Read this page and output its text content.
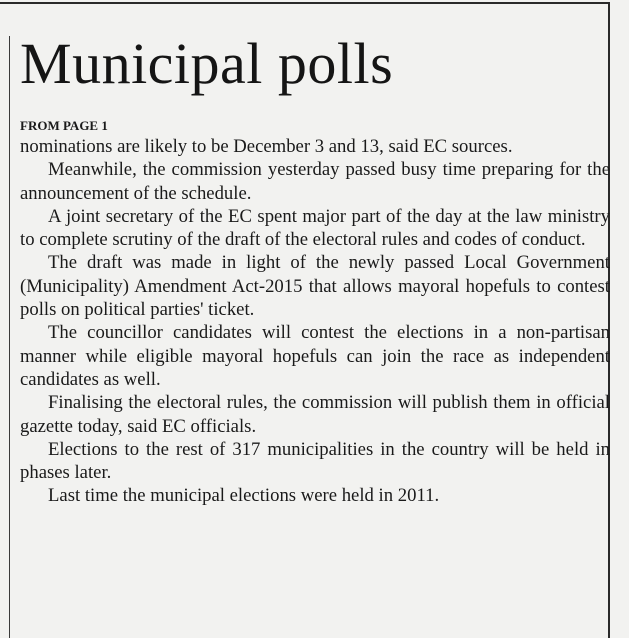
Municipal polls
FROM PAGE 1

nominations are likely to be December 3 and 13, said EC sources.

Meanwhile, the commission yesterday passed busy time preparing for the announcement of the schedule.

A joint secretary of the EC spent major part of the day at the law ministry to complete scrutiny of the draft of the electoral rules and codes of conduct.

The draft was made in light of the newly passed Local Government (Municipality) Amendment Act-2015 that allows mayoral hopefuls to contest polls on political parties' ticket.

The councillor candidates will contest the elections in a non-partisan manner while eligible mayoral hopefuls can join the race as independent candidates as well.

Finalising the electoral rules, the commission will publish them in official gazette today, said EC officials.

Elections to the rest of 317 municipalities in the country will be held in phases later.

Last time the municipal elections were held in 2011.
